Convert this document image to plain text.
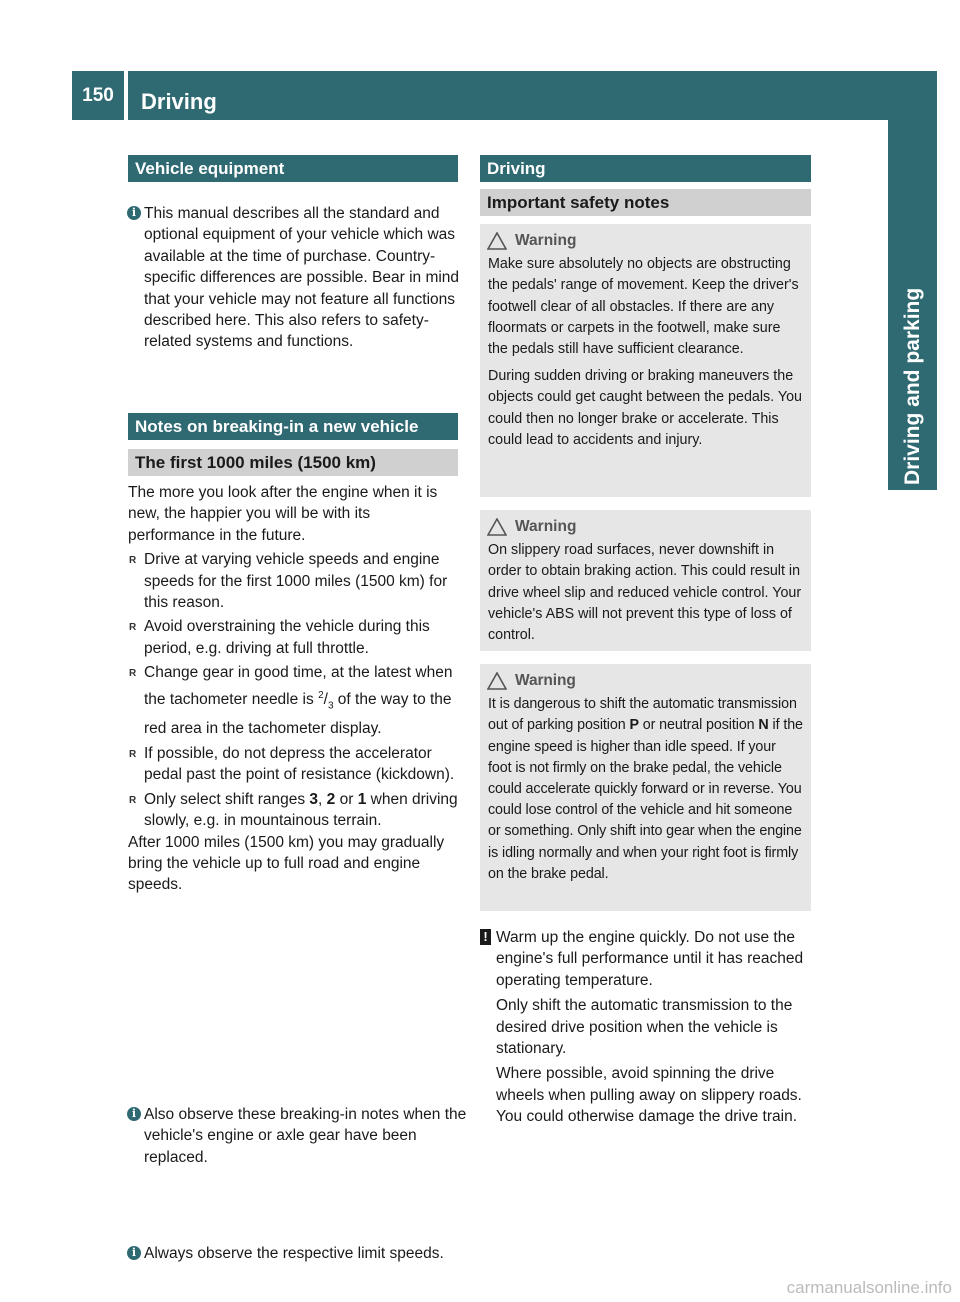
150	Driving
Driving and parking
Vehicle equipment
i This manual describes all the standard and optional equipment of your vehicle which was available at the time of purchase. Country-specific differences are possible. Bear in mind that your vehicle may not feature all functions described here. This also refers to safety-related systems and functions.

Notes on breaking-in a new vehicle
The first 1000 miles (1500 km)

The more you look after the engine when it is new, the happier you will be with its performance in the future.

R Drive at varying vehicle speeds and engine speeds for the first 1000 miles (1500 km) for this reason.
R Avoid overstraining the vehicle during this period, e.g. driving at full throttle.
R Change gear in good time, at the latest when the tachometer needle is $^2/_3$ of the way to the red area in the tachometer display.
R If possible, do not depress the accelerator pedal past the point of resistance (kickdown).
R Only select shift ranges 3, 2 or 1 when driving slowly, e.g. in mountainous terrain.

After 1000 miles (1500 km) you may gradually bring the vehicle up to full road and engine speeds.

i Also observe these breaking-in notes when the vehicle's engine or axle gear have been replaced.

i Always observe the respective limit speeds.

Driving
Important safety notes
Warning

Make sure absolutely no objects are obstructing the pedals' range of movement. Keep the driver's footwell clear of all obstacles. If there are any floormats or carpets in the footwell, make sure the pedals still have sufficient clearance.

During sudden driving or braking maneuvers the objects could get caught between the pedals. You could then no longer brake or accelerate. This could lead to accidents and injury.

Warning

On slippery road surfaces, never downshift in order to obtain braking action. This could result in drive wheel slip and reduced vehicle control. Your vehicle's ABS will not prevent this type of loss of control.

Warning

It is dangerous to shift the automatic transmission out of parking position P or neutral position N if the engine speed is higher than idle speed. If your foot is not firmly on the brake pedal, the vehicle could accelerate quickly forward or in reverse. You could lose control of the vehicle and hit someone or something. Only shift into gear when the engine is idling normally and when your right foot is firmly on the brake pedal.

! Warm up the engine quickly. Do not use the engine's full performance until it has reached operating temperature.

Only shift the automatic transmission to the desired drive position when the vehicle is stationary.

Where possible, avoid spinning the drive wheels when pulling away on slippery roads. You could otherwise damage the drive train.

carmanualsonline.info
